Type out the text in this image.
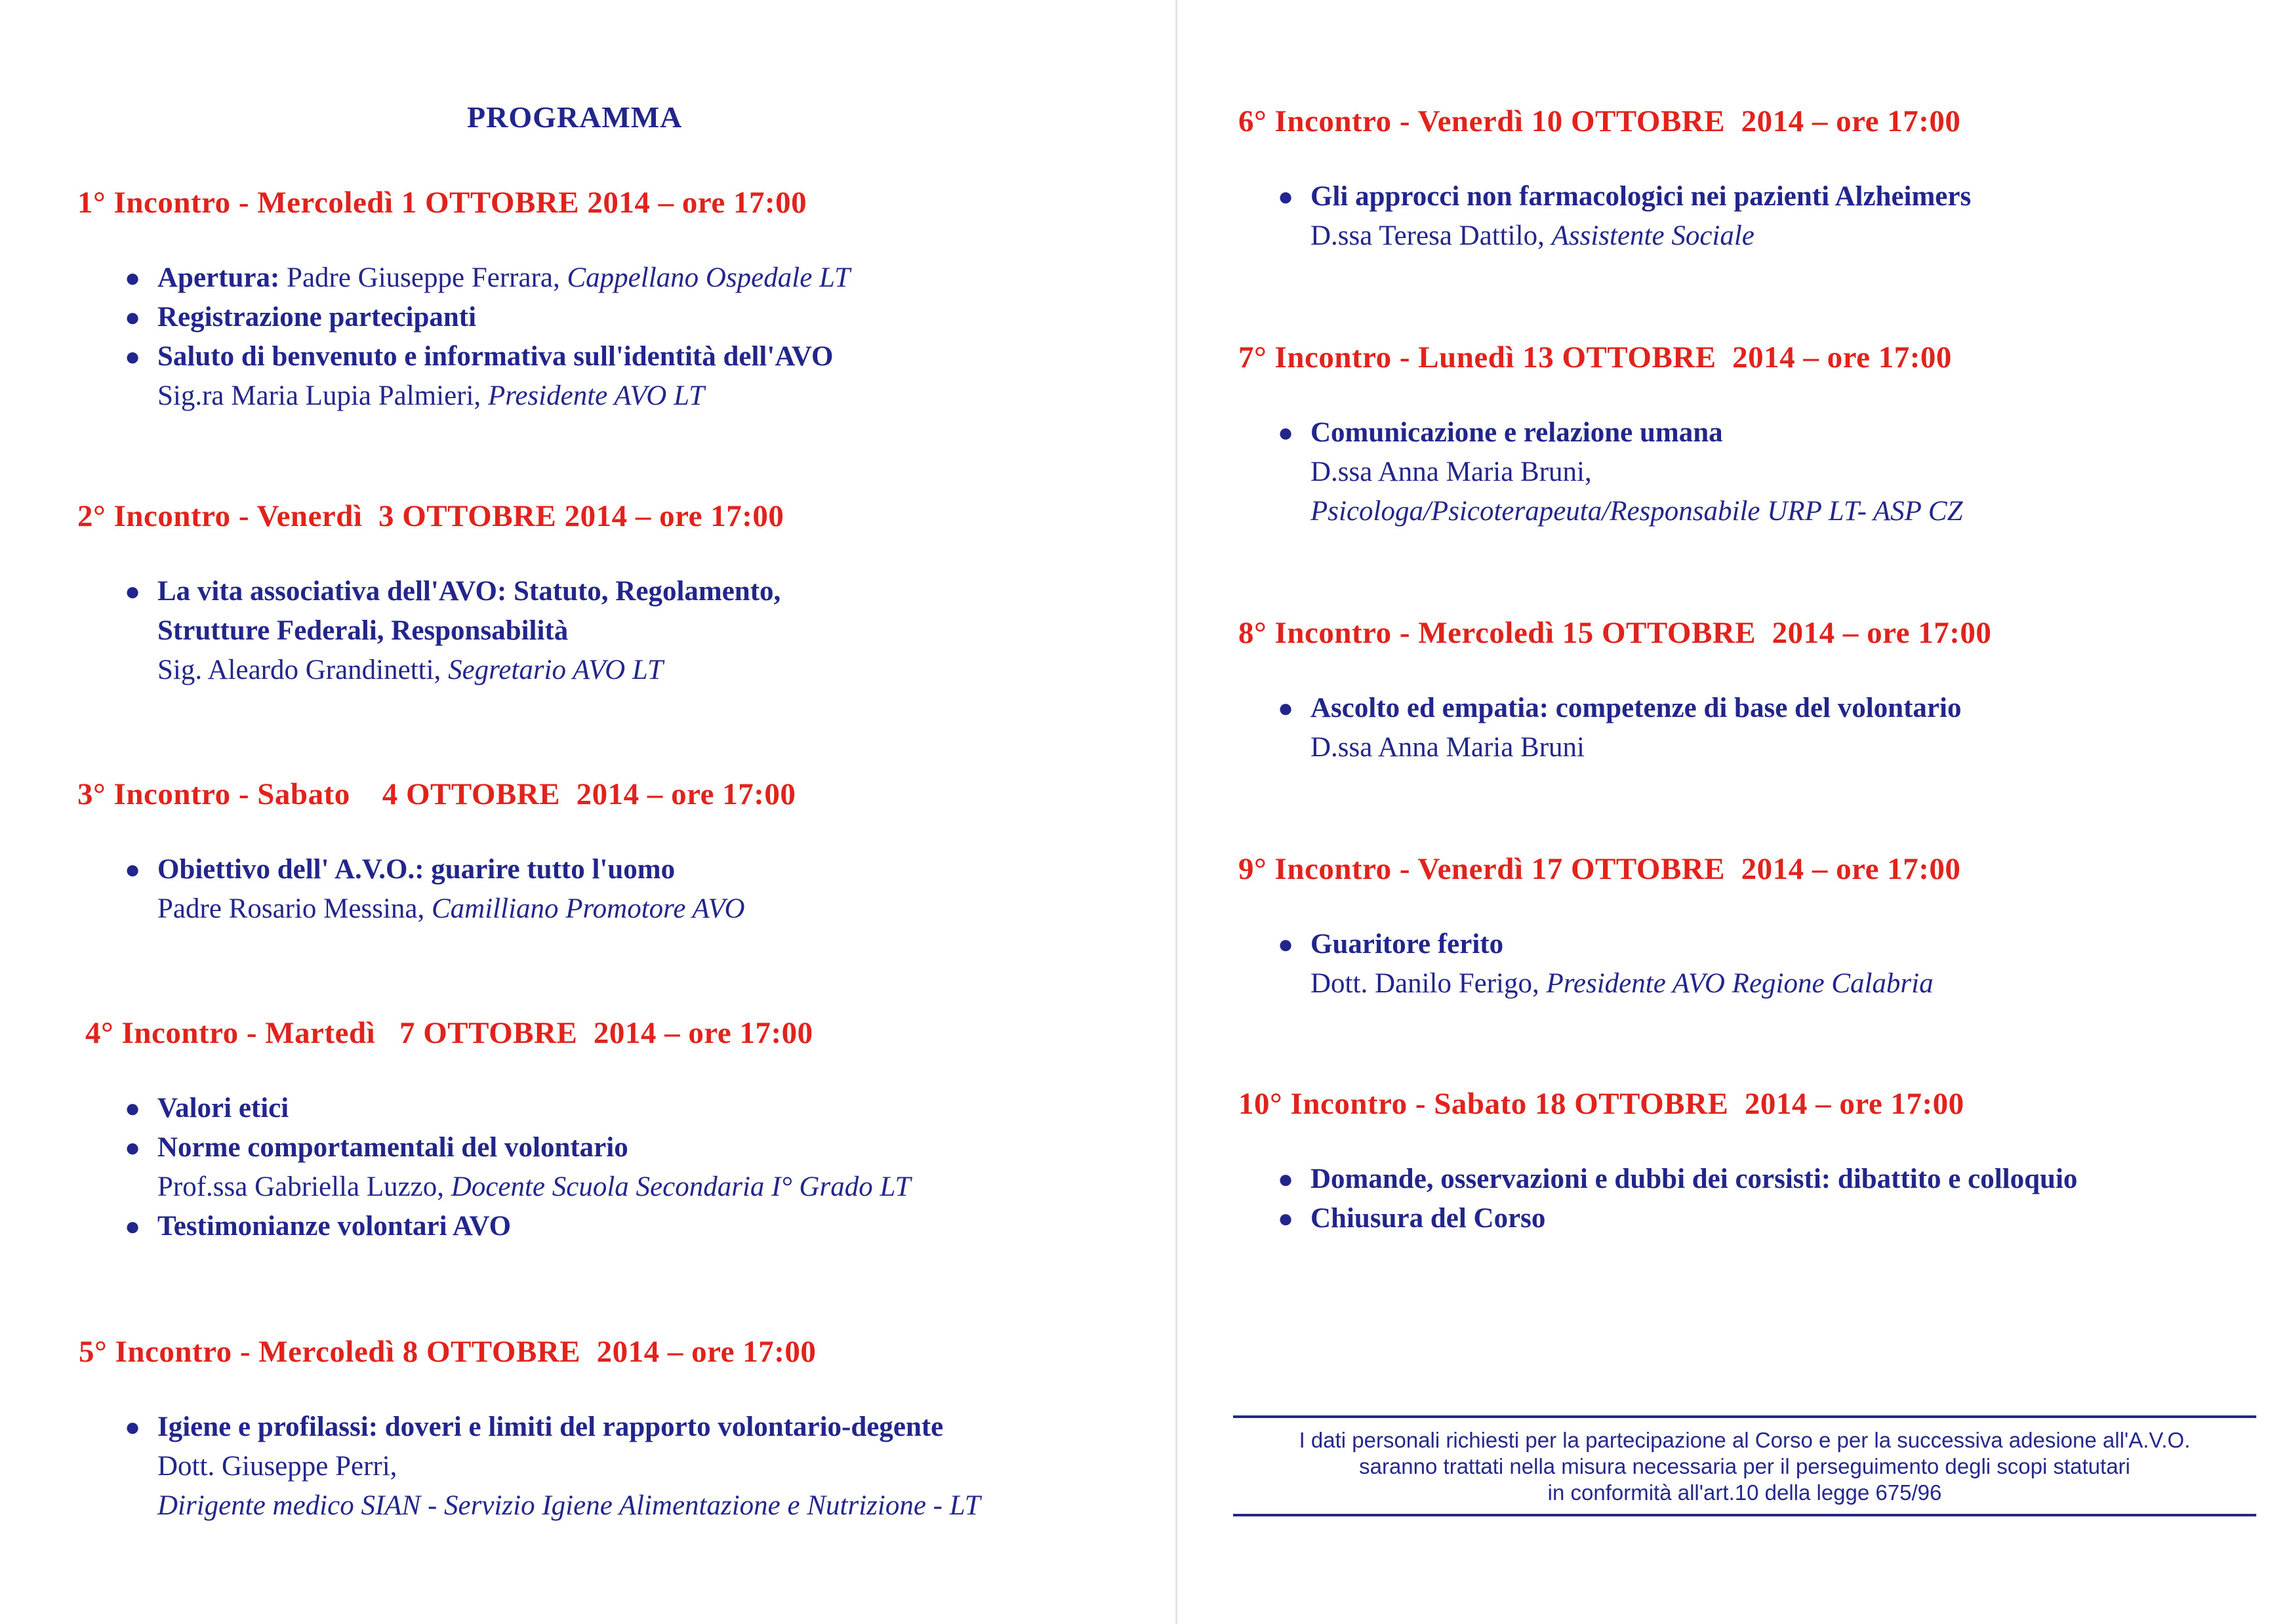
PROGRAMMA
1° Incontro - Mercoledì 1 OTTOBRE 2014 – ore 17:00
● Apertura: Padre Giuseppe Ferrara, Cappellano Ospedale LT
● Registrazione partecipanti
● Saluto di benvenuto e informativa sull'identità dell'AVO
Sig.ra Maria Lupia Palmieri, Presidente AVO LT
2° Incontro - Venerdì  3 OTTOBRE 2014 – ore 17:00
● La vita associativa dell'AVO: Statuto, Regolamento,
Strutture Federali, Responsabilità
Sig. Aleardo Grandinetti, Segretario AVO LT
3° Incontro - Sabato    4 OTTOBRE  2014 – ore 17:00
● Obiettivo dell' A.V.O.: guarire tutto l'uomo
Padre Rosario Messina, Camilliano Promotore AVO
4° Incontro - Martedì   7 OTTOBRE  2014 – ore 17:00
● Valori etici
● Norme comportamentali del volontario
Prof.ssa Gabriella Luzzo, Docente Scuola Secondaria I° Grado LT
● Testimonianze volontari AVO
5° Incontro - Mercoledì 8 OTTOBRE  2014 – ore 17:00
● Igiene e profilassi: doveri e limiti del rapporto volontario-degente
Dott. Giuseppe Perri,
Dirigente medico SIAN - Servizio Igiene Alimentazione e Nutrizione - LT
6° Incontro - Venerdì 10 OTTOBRE  2014 – ore 17:00
● Gli approcci non farmacologici nei pazienti Alzheimers
D.ssa Teresa Dattilo, Assistente Sociale
7° Incontro - Lunedì 13 OTTOBRE  2014 – ore 17:00
● Comunicazione e relazione umana
D.ssa Anna Maria Bruni,
Psicologa/Psicoterapeuta/Responsabile URP LT- ASP CZ
8° Incontro - Mercoledì 15 OTTOBRE  2014 – ore 17:00
● Ascolto ed empatia: competenze di base del volontario
D.ssa Anna Maria Bruni
9° Incontro - Venerdì 17 OTTOBRE  2014 – ore 17:00
● Guaritore ferito
Dott. Danilo Ferigo, Presidente AVO Regione Calabria
10° Incontro - Sabato 18 OTTOBRE  2014 – ore 17:00
● Domande, osservazioni e dubbi dei corsisti: dibattito e colloquio
● Chiusura del Corso
I dati personali richiesti per la partecipazione al Corso e per la successiva adesione all'A.V.O.
saranno trattati nella misura necessaria per il perseguimento degli scopi statutari
in conformità all'art.10 della legge 675/96
